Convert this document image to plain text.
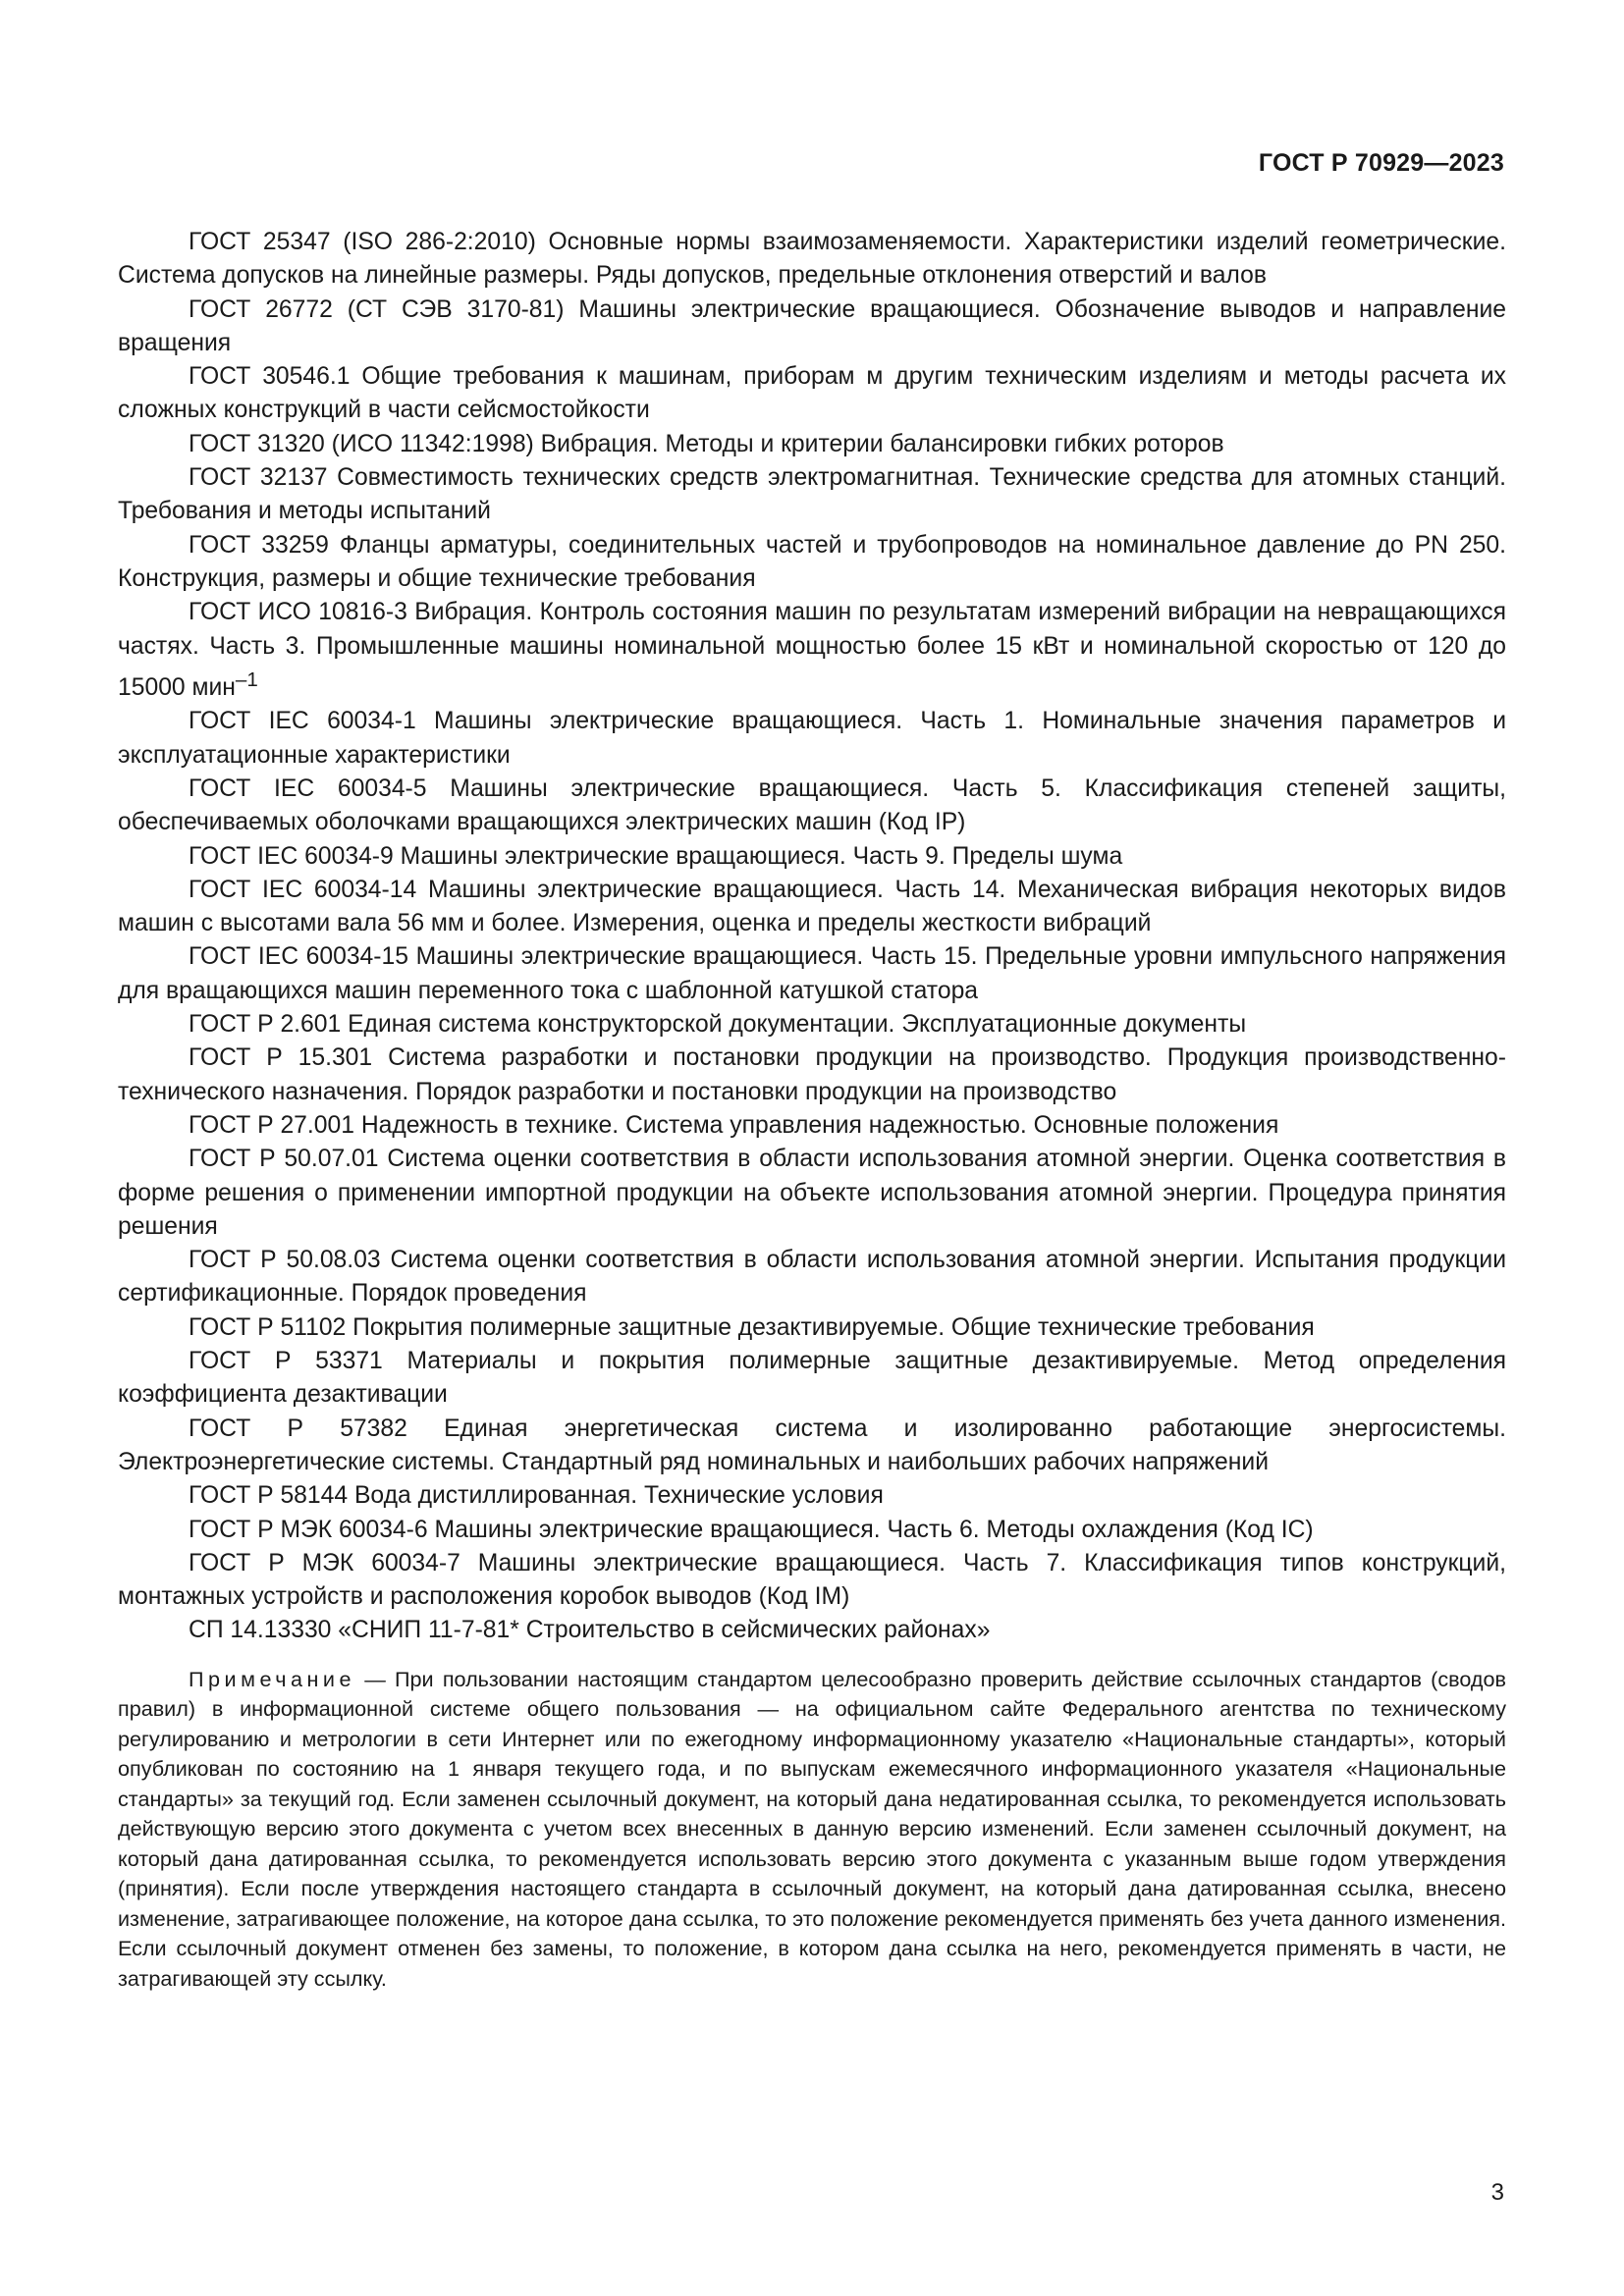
ГОСТ Р 70929—2023

ГОСТ 25347 (ISO 286-2:2010) Основные нормы взаимозаменяемости. Характеристики изделий геометрические. Система допусков на линейные размеры. Ряды допусков, предельные отклонения отверстий и валов

ГОСТ 26772 (СТ СЭВ 3170-81) Машины электрические вращающиеся. Обозначение выводов и направление вращения

ГОСТ 30546.1 Общие требования к машинам, приборам м другим техническим изделиям и методы расчета их сложных конструкций в части сейсмостойкости

ГОСТ 31320 (ИСО 11342:1998) Вибрация. Методы и критерии балансировки гибких роторов

ГОСТ 32137 Совместимость технических средств электромагнитная. Технические средства для атомных станций. Требования и методы испытаний

ГОСТ 33259 Фланцы арматуры, соединительных частей и трубопроводов на номинальное давление до PN 250. Конструкция, размеры и общие технические требования

ГОСТ ИСО 10816-3 Вибрация. Контроль состояния машин по результатам измерений вибрации на невращающихся частях. Часть 3. Промышленные машины номинальной мощностью более 15 кВт и номинальной скоростью от 120 до 15000 мин$^{-1}$

ГОСТ IEC 60034-1 Машины электрические вращающиеся. Часть 1. Номинальные значения параметров и эксплуатационные характеристики

ГОСТ IEC 60034-5 Машины электрические вращающиеся. Часть 5. Классификация степеней защиты, обеспечиваемых оболочками вращающихся электрических машин (Код IP)

ГОСТ IEC 60034-9 Машины электрические вращающиеся. Часть 9. Пределы шума

ГОСТ IEC 60034-14 Машины электрические вращающиеся. Часть 14. Механическая вибрация некоторых видов машин с высотами вала 56 мм и более. Измерения, оценка и пределы жесткости вибраций

ГОСТ IEC 60034-15 Машины электрические вращающиеся. Часть 15. Предельные уровни импульсного напряжения для вращающихся машин переменного тока с шаблонной катушкой статора

ГОСТ Р 2.601 Единая система конструкторской документации. Эксплуатационные документы

ГОСТ Р 15.301 Система разработки и постановки продукции на производство. Продукция производственно-технического назначения. Порядок разработки и постановки продукции на производство

ГОСТ Р 27.001 Надежность в технике. Система управления надежностью. Основные положения

ГОСТ Р 50.07.01 Система оценки соответствия в области использования атомной энергии. Оценка соответствия в форме решения о применении импортной продукции на объекте использования атомной энергии. Процедура принятия решения

ГОСТ Р 50.08.03 Система оценки соответствия в области использования атомной энергии. Испытания продукции сертификационные. Порядок проведения

ГОСТ Р 51102 Покрытия полимерные защитные дезактивируемые. Общие технические требования

ГОСТ Р 53371 Материалы и покрытия полимерные защитные дезактивируемые. Метод определения коэффициента дезактивации

ГОСТ Р 57382 Единая энергетическая система и изолированно работающие энергосистемы. Электроэнергетические системы. Стандартный ряд номинальных и наибольших рабочих напряжений

ГОСТ Р 58144 Вода дистиллированная. Технические условия

ГОСТ Р МЭК 60034-6 Машины электрические вращающиеся. Часть 6. Методы охлаждения (Код IC)

ГОСТ Р МЭК 60034-7 Машины электрические вращающиеся. Часть 7. Классификация типов конструкций, монтажных устройств и расположения коробок выводов (Код IM)

СП 14.13330 «СНИП 11-7-81* Строительство в сейсмических районах»

Примечание — При пользовании настоящим стандартом целесообразно проверить действие ссылочных стандартов (сводов правил) в информационной системе общего пользования — на официальном сайте Федерального агентства по техническому регулированию и метрологии в сети Интернет или по ежегодному информационному указателю «Национальные стандарты», который опубликован по состоянию на 1 января текущего года, и по выпускам ежемесячного информационного указателя «Национальные стандарты» за текущий год. Если заменен ссылочный документ, на который дана недатированная ссылка, то рекомендуется использовать действующую версию этого документа с учетом всех внесенных в данную версию изменений. Если заменен ссылочный документ, на который дана датированная ссылка, то рекомендуется использовать версию этого документа с указанным выше годом утверждения (принятия). Если после утверждения настоящего стандарта в ссылочный документ, на который дана датированная ссылка, внесено изменение, затрагивающее положение, на которое дана ссылка, то это положение рекомендуется применять без учета данного изменения. Если ссылочный документ отменен без замены, то положение, в котором дана ссылка на него, рекомендуется применять в части, не затрагивающей эту ссылку.

3
